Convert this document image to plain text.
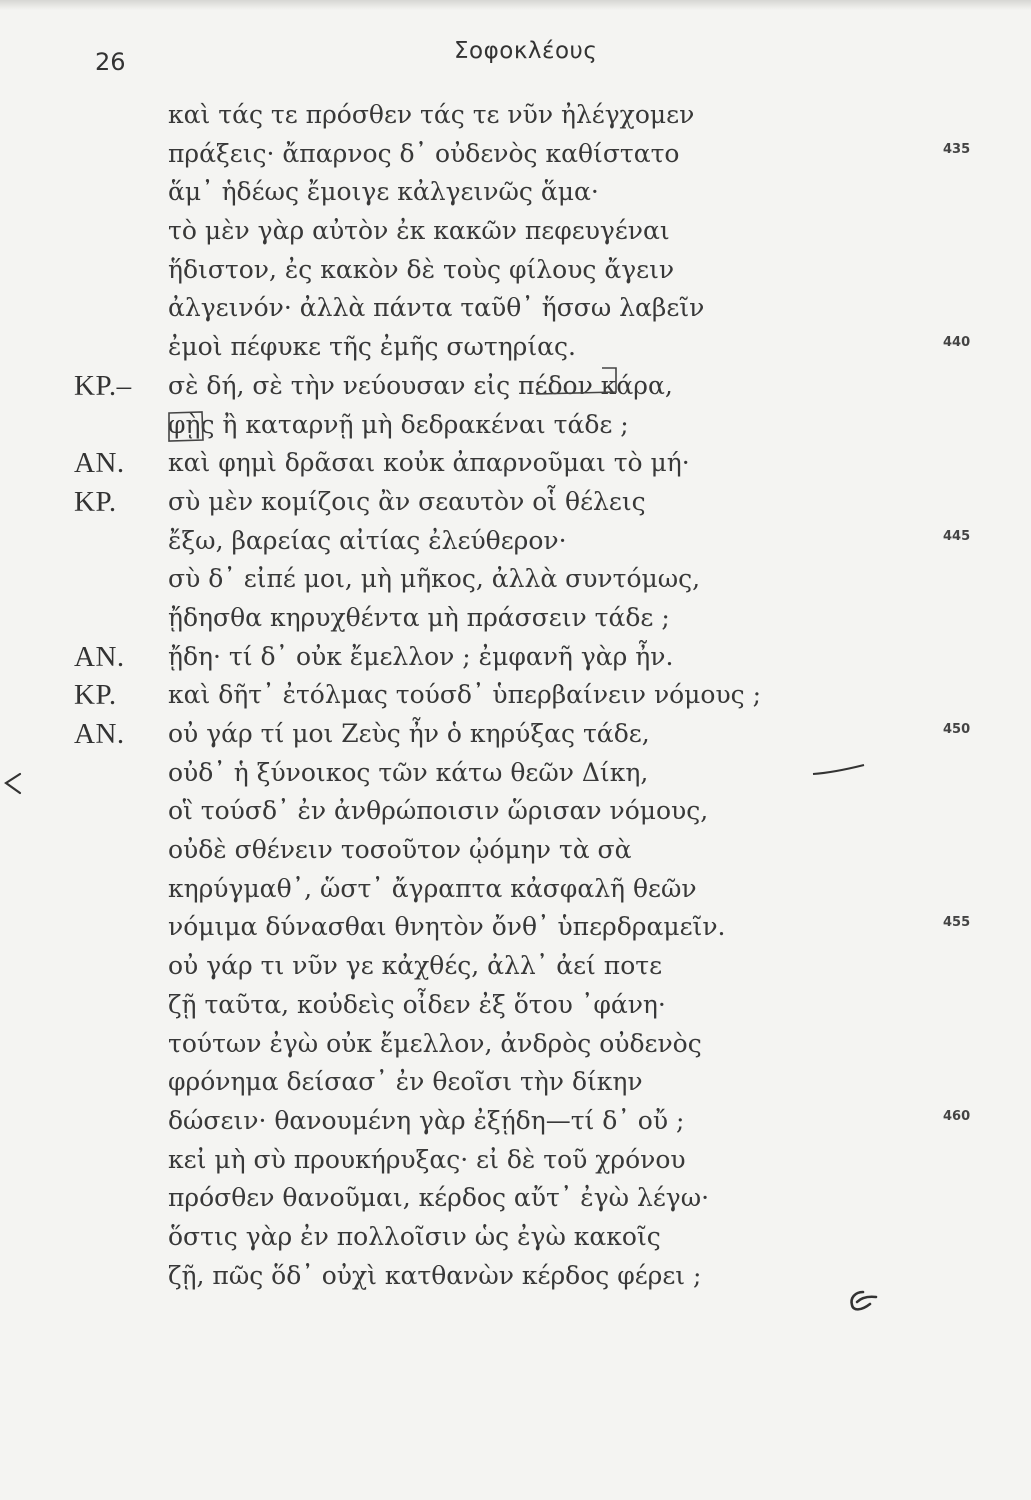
26	Σοφοκλέους
καὶ τάς τε πρόσθεν τάς τε νῦν ἠλέγχομεν
πράξεις· ἄπαρνος δ᾽ οὐδενὸς καθίστατο	435
ἅμ᾽ ἡδέως ἔμοιγε κἀλγεινῶς ἅμα·
τὸ μὲν γὰρ αὐτὸν ἐκ κακῶν πεφευγέναι
ἥδιστον, ἐς κακὸν δὲ τοὺς φίλους ἄγειν
ἀλγεινόν· ἀλλὰ πάντα ταῦθ᾽ ἥσσω λαβεῖν
ἐμοὶ πέφυκε τῆς ἐμῆς σωτηρίας.	440
ΚΡ.– σὲ δή, σὲ τὴν νεύουσαν εἰς πέδον κάρα,
φῂς ἢ καταρνῇ μὴ δεδρακέναι τάδε ;
ΑΝ. καὶ φημὶ δρᾶσαι κοὐκ ἀπαρνοῦμαι τὸ μή·
ΚΡ. σὺ μὲν κομίζοις ἂν σεαυτὸν οἷ θέλεις
ἔξω, βαρείας αἰτίας ἐλεύθερον·	445
σὺ δ᾽ εἰπέ μοι, μὴ μῆκος, ἀλλὰ συντόμως,
ᾔδησθα κηρυχθέντα μὴ πράσσειν τάδε ;
ΑΝ. ᾔδη· τί δ᾽ οὐκ ἔμελλον ; ἐμφανῆ γὰρ ἦν.
ΚΡ. καὶ δῆτ᾽ ἐτόλμας τούσδ᾽ ὑπερβαίνειν νόμους ;
ΑΝ. οὐ γάρ τί μοι Ζεὺς ἦν ὁ κηρύξας τάδε,	450
οὐδ᾽ ἡ ξύνοικος τῶν κάτω θεῶν Δίκη,
οἳ τούσδ᾽ ἐν ἀνθρώποισιν ὥρισαν νόμους,
οὐδὲ σθένειν τοσοῦτον ᾠόμην τὰ σὰ
κηρύγμαθ᾽, ὥστ᾽ ἄγραπτα κἀσφαλῆ θεῶν
νόμιμα δύνασθαι θνητὸν ὄνθ᾽ ὑπερδραμεῖν.	455
οὐ γάρ τι νῦν γε κἀχθές, ἀλλ᾽ ἀεί ποτε
ζῇ ταῦτα, κοὐδεὶς οἶδεν ἐξ ὅτου ᾽φάνη·
τούτων ἐγὼ οὐκ ἔμελλον, ἀνδρὸς οὐδενὸς
φρόνημα δείσασ᾽ ἐν θεοῖσι τὴν δίκην
δώσειν· θανουμένη γὰρ ἐξῄδη—τί δ᾽ οὔ ;	460
κεἰ μὴ σὺ προυκήρυξας· εἰ δὲ τοῦ χρόνου
πρόσθεν θανοῦμαι, κέρδος αὔτ᾽ ἐγὼ λέγω·
ὅστις γὰρ ἐν πολλοῖσιν ὡς ἐγὼ κακοῖς
ζῇ, πῶς ὅδ᾽ οὐχὶ κατθανὼν κέρδος φέρει ;
